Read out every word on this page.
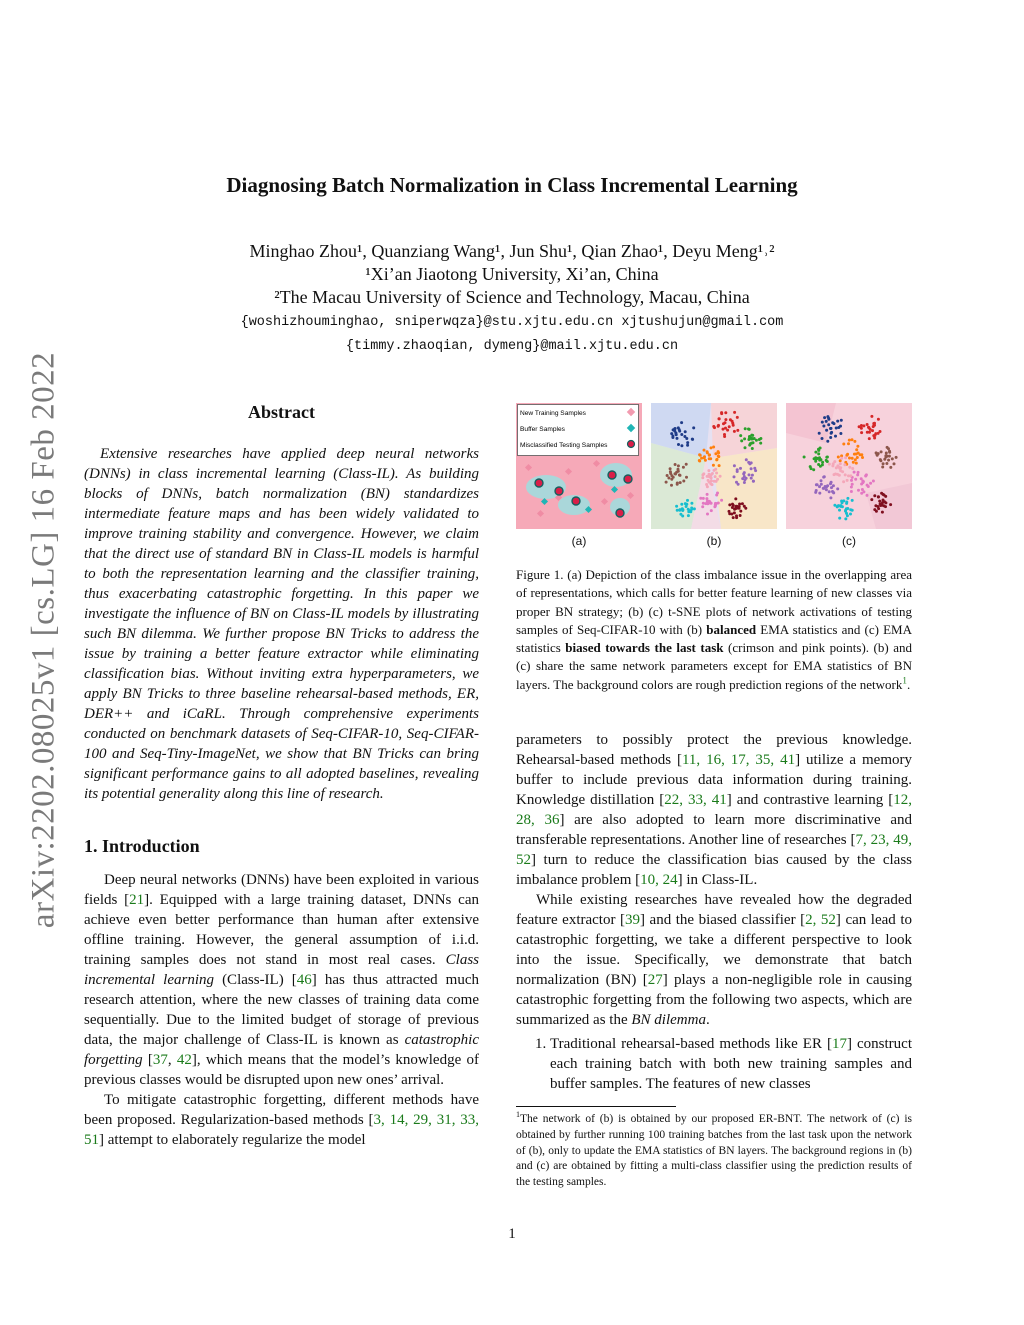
arXiv:2202.08025v1 [cs.LG] 16 Feb 2022
Diagnosing Batch Normalization in Class Incremental Learning
Minghao Zhou¹, Quanziang Wang¹, Jun Shu¹, Qian Zhao¹, Deyu Meng¹˒²
¹Xi’an Jiaotong University, Xi’an, China
²The Macau University of Science and Technology, Macau, China
{woshizhouminghao, sniperwqza}@stu.xjtu.edu.cn xjtushujun@gmail.com
{timmy.zhaoqian, dymeng}@mail.xjtu.edu.cn
Abstract

Extensive researches have applied deep neural networks (DNNs) in class incremental learning (Class-IL). As building blocks of DNNs, batch normalization (BN) standardizes intermediate feature maps and has been widely validated to improve training stability and convergence. However, we claim that the direct use of standard BN in Class-IL models is harmful to both the representation learning and the classifier training, thus exacerbating catastrophic forgetting. In this paper we investigate the influence of BN on Class-IL models by illustrating such BN dilemma. We further propose BN Tricks to address the issue by training a better feature extractor while eliminating classification bias. Without inviting extra hyperparameters, we apply BN Tricks to three baseline rehearsal-based methods, ER, DER++ and iCaRL. Through comprehensive experiments conducted on benchmark datasets of Seq-CIFAR-10, Seq-CIFAR-100 and Seq-Tiny-ImageNet, we show that BN Tricks can bring significant performance gains to all adopted baselines, revealing its potential generality along this line of research.

1. Introduction

Deep neural networks (DNNs) have been exploited in various fields [21]. Equipped with a large training dataset, DNNs can achieve even better performance than human after extensive offline training. However, the general assumption of i.i.d. training samples does not stand in most real cases. Class incremental learning (Class-IL) [46] has thus attracted much research attention, where the new classes of training data come sequentially. Due to the limited budget of storage of previous data, the major challenge of Class-IL is known as catastrophic forgetting [37, 42], which means that the model’s knowledge of previous classes would be disrupted upon new ones’ arrival.

To mitigate catastrophic forgetting, different methods have been proposed. Regularization-based methods [3, 14, 29, 31, 33, 51] attempt to elaborately regularize the model

New Training Samples
Buffer Samples
Misclassified Testing Samples
(a)	(b)	(c)
Figure 1. (a) Depiction of the class imbalance issue in the overlapping area of representations, which calls for better feature learning of new classes via proper BN strategy; (b) (c) t-SNE plots of network activations of testing samples of Seq-CIFAR-10 with (b) balanced EMA statistics and (c) EMA statistics biased towards the last task (crimson and pink points). (b) and (c) share the same network parameters except for EMA statistics of BN layers. The background colors are rough prediction regions of the network$^1$.

parameters to possibly protect the previous knowledge. Rehearsal-based methods [11, 16, 17, 35, 41] utilize a memory buffer to include previous data information during training. Knowledge distillation [22, 33, 41] and contrastive learning [12, 28, 36] are also adopted to learn more discriminative and transferable representations. Another line of researches [7, 23, 49, 52] turn to reduce the classification bias caused by the class imbalance problem [10, 24] in Class-IL.

While existing researches have revealed how the degraded feature extractor [39] and the biased classifier [2, 52] can lead to catastrophic forgetting, we take a different perspective to look into the issue. Specifically, we demonstrate that batch normalization (BN) [27] plays a non-negligible role in causing catastrophic forgetting from the following two aspects, which are summarized as the BN dilemma.

1. Traditional rehearsal-based methods like ER [17] construct each training batch with both new training samples and buffer samples. The features of new classes
$^1$The network of (b) is obtained by our proposed ER-BNT. The network of (c) is obtained by further running 100 training batches from the last task upon the network of (b), only to update the EMA statistics of BN layers. The background regions in (b) and (c) are obtained by fitting a multi-class classifier using the prediction results of the testing samples.
1
